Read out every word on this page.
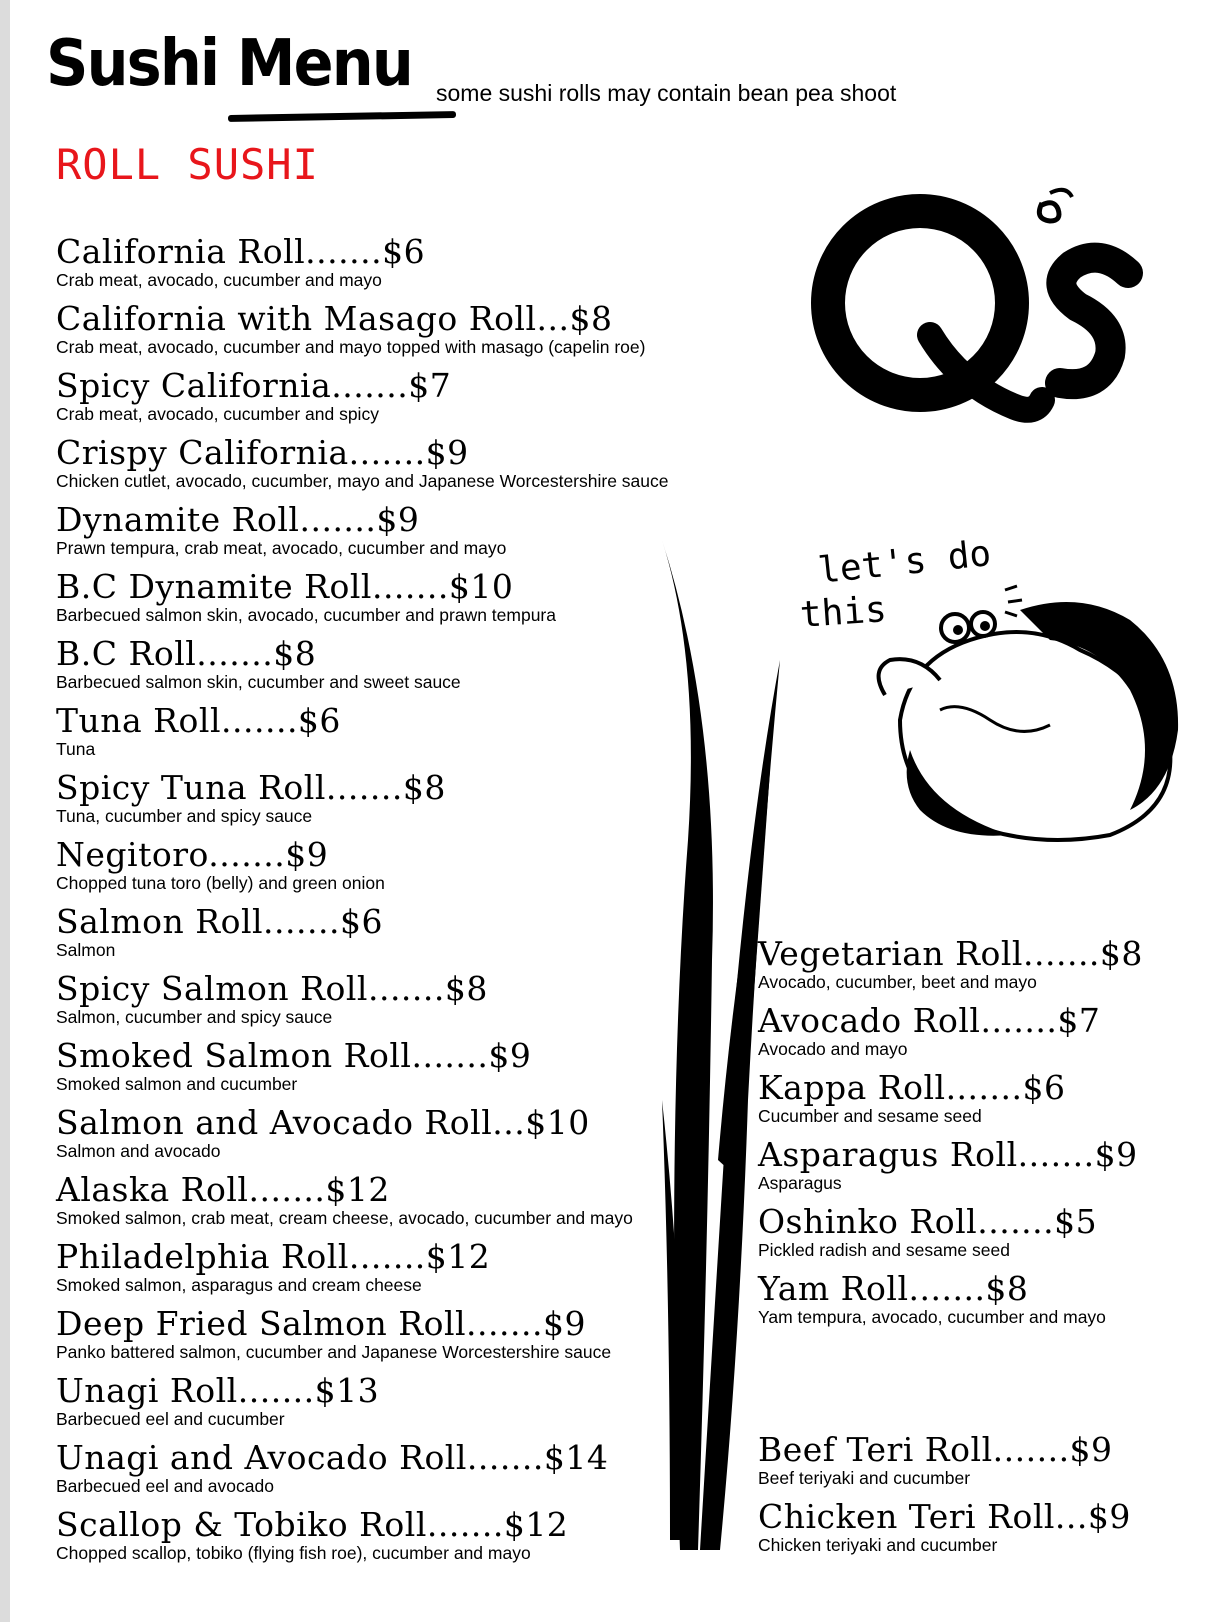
Sushi Menu some sushi rolls may contain bean pea shoot
ROLL SUSHI
California Roll.......$6
Crab meat, avocado, cucumber and mayo
California with Masago Roll...$8
Crab meat, avocado, cucumber and mayo topped with masago (capelin roe)
Spicy California.......$7
Crab meat, avocado, cucumber and spicy
Crispy California.......$9
Chicken cutlet, avocado, cucumber, mayo and Japanese Worcestershire sauce
Dynamite Roll.......$9
Prawn tempura, crab meat, avocado, cucumber and mayo
B.C Dynamite Roll.......$10
Barbecued salmon skin, avocado, cucumber and prawn tempura
B.C Roll.......$8
Barbecued salmon skin, cucumber and sweet sauce
Tuna Roll.......$6
Tuna
Spicy Tuna Roll.......$8
Tuna, cucumber and spicy sauce
Negitoro.......$9
Chopped tuna toro (belly) and green onion
Salmon Roll.......$6
Salmon
Spicy Salmon Roll.......$8
Salmon, cucumber and spicy sauce
Smoked Salmon Roll.......$9
Smoked salmon and cucumber
Salmon and Avocado Roll...$10
Salmon and avocado
Alaska Roll.......$12
Smoked salmon, crab meat, cream cheese, avocado, cucumber and mayo
Philadelphia Roll.......$12
Smoked salmon, asparagus and cream cheese
Deep Fried Salmon Roll.......$9
Panko battered salmon, cucumber and Japanese Worcestershire sauce
Unagi Roll.......$13
Barbecued eel and cucumber
Unagi and Avocado Roll.......$14
Barbecued eel and avocado
Scallop & Tobiko Roll.......$12
Chopped scallop, tobiko (flying fish roe), cucumber and mayo
Vegetarian Roll.......$8
Avocado, cucumber, beet and mayo
Avocado Roll.......$7
Avocado and mayo
Kappa Roll.......$6
Cucumber and sesame seed
Asparagus Roll.......$9
Asparagus
Oshinko Roll.......$5
Pickled radish and sesame seed
Yam Roll.......$8
Yam tempura, avocado, cucumber and mayo
Beef Teri Roll.......$9
Beef teriyaki and cucumber
Chicken Teri Roll...$9
Chicken teriyaki and cucumber
let's do
this
